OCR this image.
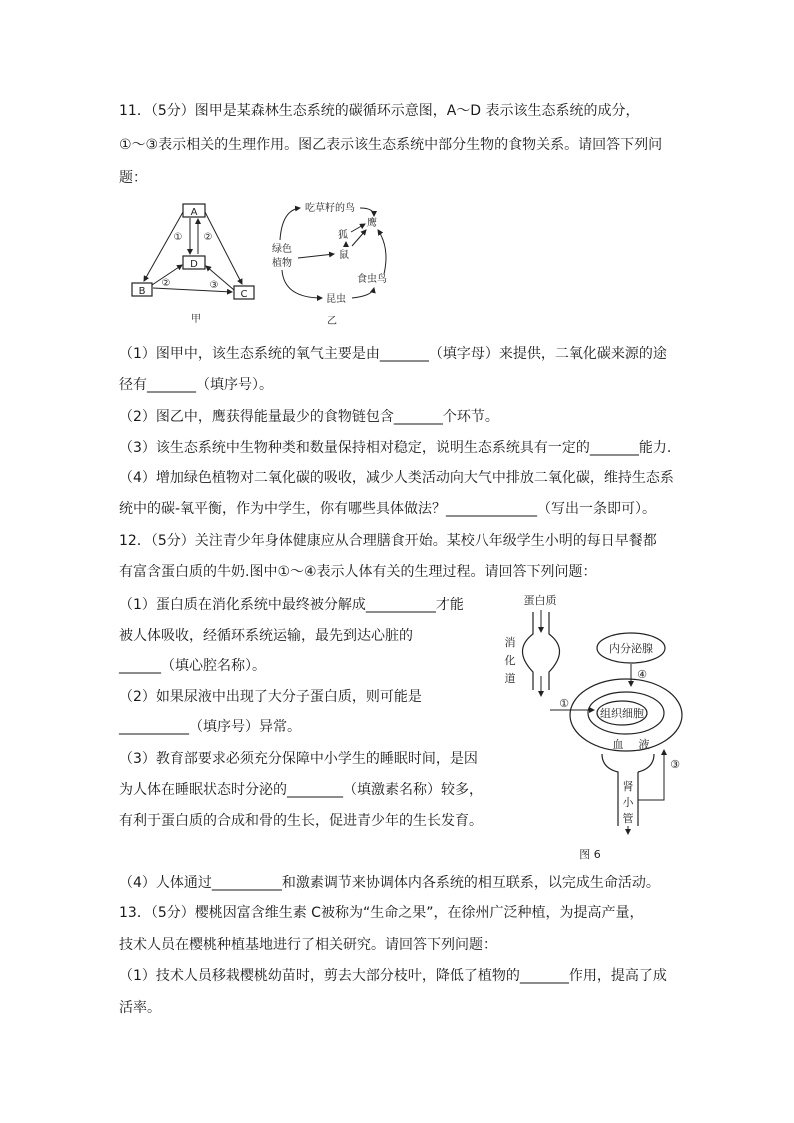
11．（5分）图甲是某森林生态系统的碳循环示意图，A～D 表示该生态系统的成分，
①～③表示相关的生理作用。图乙表示该生态系统中部分生物的食物关系。请回答下列问
题：
A
D
B	C
① ②
②	③
甲
吃草籽的鸟
鹰
狐
鼠
绿色
植物
食虫鸟
昆虫
乙
（1）图甲中，该生态系统的氧气主要是由_______（填字母）来提供，二氧化碳来源的途
径有_______（填序号）。
（2）图乙中，鹰获得能量最少的食物链包含_______个环节。
（3）该生态系统中生物种类和数量保持相对稳定，说明生态系统具有一定的_______能力.
（4）增加绿色植物对二氧化碳的吸收，减少人类活动向大气中排放二氧化碳，维持生态系
统中的碳-氧平衡，作为中学生，你有哪些具体做法？_____________（写出一条即可）。
12．（5分）关注青少年身体健康应从合理膳食开始。某校八年级学生小明的每日早餐都
有富含蛋白质的牛奶.图中①～④表示人体有关的生理过程。请回答下列问题：
（1）蛋白质在消化系统中最终被分解成__________才能
被人体吸收，经循环系统运输，最先到达心脏的
______（填心腔名称）。
（2）如果尿液中出现了大分子蛋白质，则可能是
__________（填序号）异常。
（3）教育部要求必须充分保障中小学生的睡眠时间，是因
为人体在睡眠状态时分泌的________（填激素名称）较多，
有利于蛋白质的合成和骨的生长，促进青少年的生长发育。
蛋白质
消
化
道
①
内分泌腺
④
组织细胞
血 液
肾
小
管
③
图 6
（4）人体通过__________和激素调节来协调体内各系统的相互联系，以完成生命活动。
13．（5分）樱桃因富含维生素 C被称为“生命之果”，在徐州广泛种植，为提高产量，
技术人员在樱桃种植基地进行了相关研究。请回答下列问题：
（1）技术人员移栽樱桃幼苗时，剪去大部分枝叶，降低了植物的_______作用，提高了成
活率。
